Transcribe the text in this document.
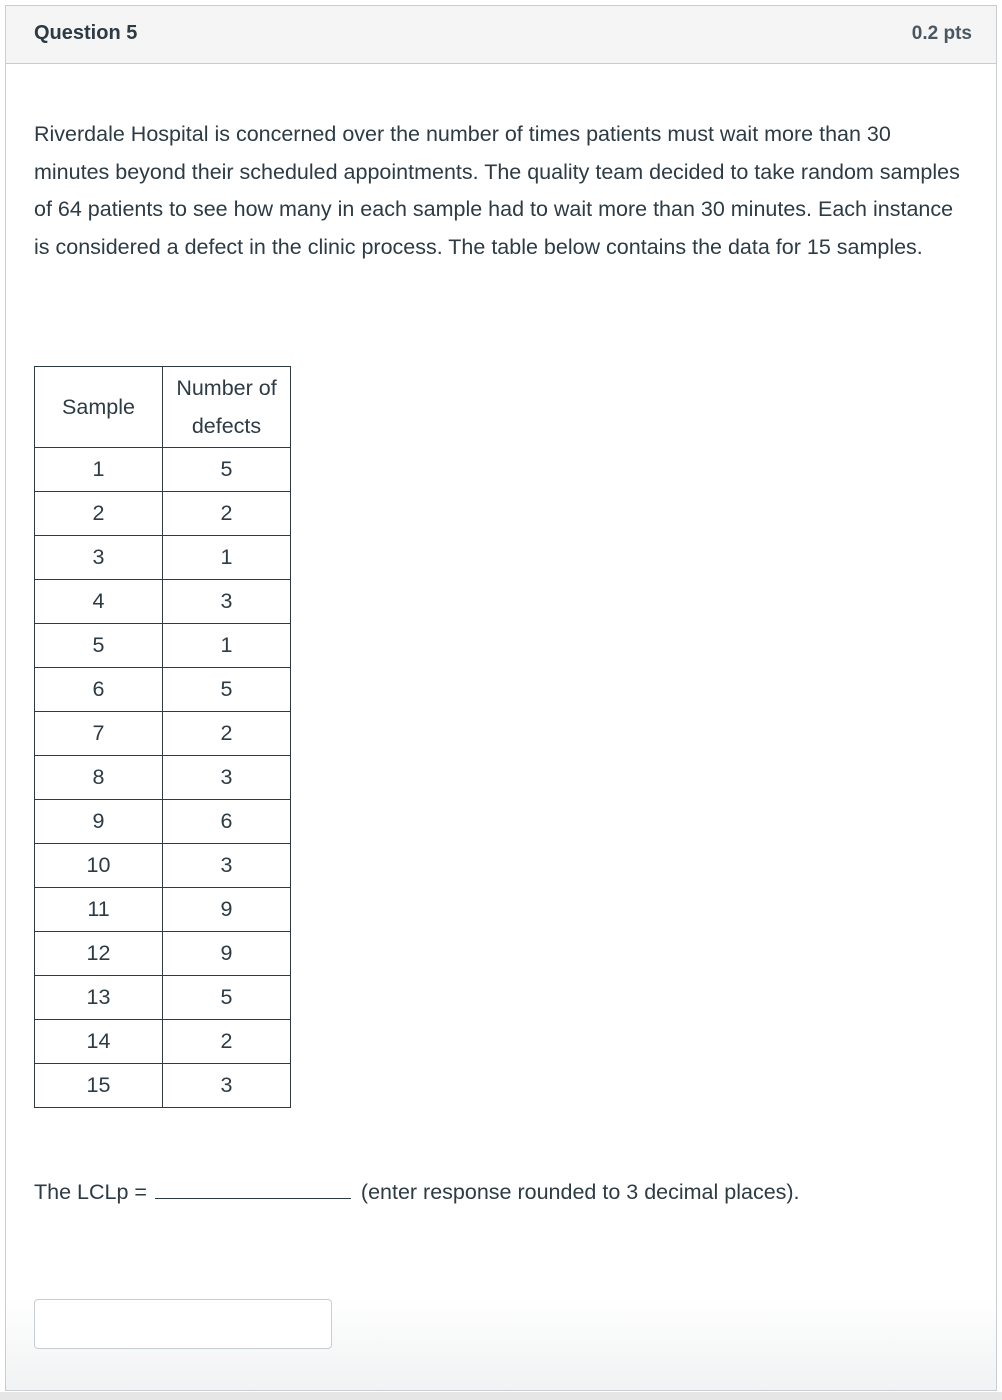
Question 5	0.2 pts
Riverdale Hospital is concerned over the number of times patients must wait more than 30 minutes beyond their scheduled appointments. The quality team decided to take random samples of 64 patients to see how many in each sample had to wait more than 30 minutes. Each instance is considered a defect in the clinic process. The table below contains the data for 15 samples.
Sample	Number of defects
1	5
2	2
3	1
4	3
5	1
6	5
7	2
8	3
9	6
10	3
11	9
12	9
13	5
14	2
15	3
The LCLp =	(enter response rounded to 3 decimal places).
